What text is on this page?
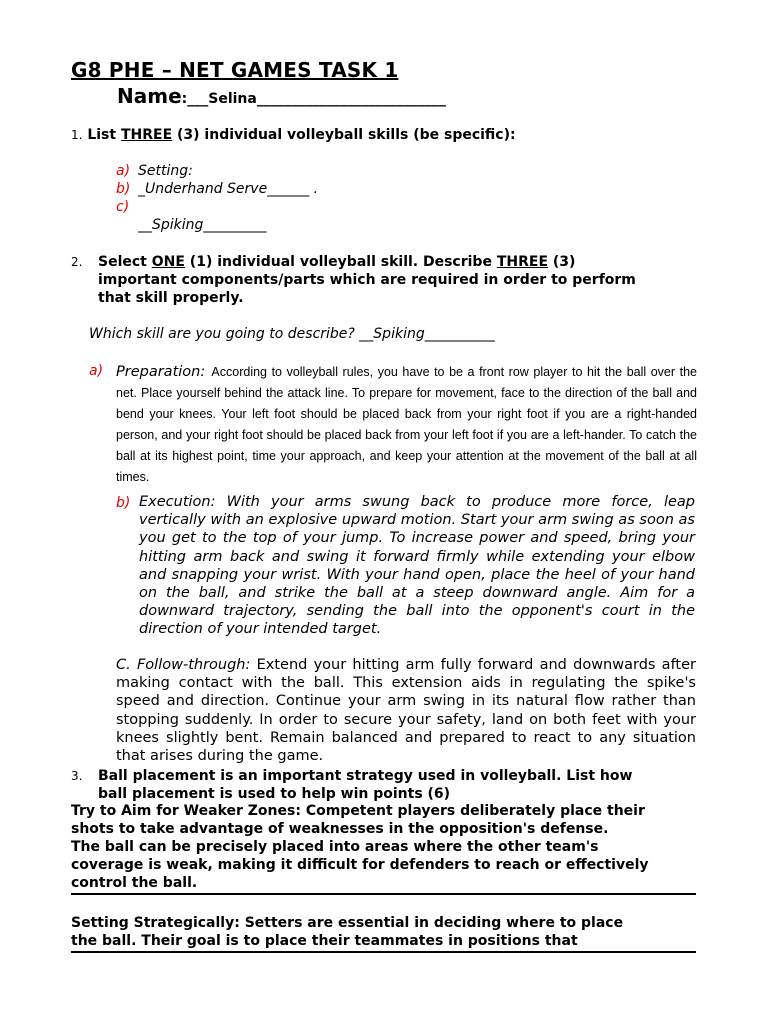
G8 PHE – NET GAMES TASK 1
Name:___Selina___________________________
1. List THREE (3) individual volleyball skills (be specific):
a) Setting:
b) _Underhand Serve______ .
c)
__Spiking_________
2. Select ONE (1) individual volleyball skill. Describe THREE (3)
important components/parts which are required in order to perform
that skill properly.
Which skill are you going to describe? __Spiking__________
a) Preparation: According to volleyball rules, you have to be a front row player to hit the ball over the net. Place yourself behind the attack line. To prepare for movement, face to the direction of the ball and bend your knees. Your left foot should be placed back from your right foot if you are a right-handed person, and your right foot should be placed back from your left foot if you are a left-hander. To catch the ball at its highest point, time your approach, and keep your attention at the movement of the ball at all times.
b) Execution: With your arms swung back to produce more force, leap vertically with an explosive upward motion. Start your arm swing as soon as you get to the top of your jump. To increase power and speed, bring your hitting arm back and swing it forward firmly while extending your elbow and snapping your wrist. With your hand open, place the heel of your hand on the ball, and strike the ball at a steep downward angle. Aim for a downward trajectory, sending the ball into the opponent's court in the direction of your intended target.
C. Follow-through: Extend your hitting arm fully forward and downwards after making contact with the ball. This extension aids in regulating the spike's speed and direction. Continue your arm swing in its natural flow rather than stopping suddenly. In order to secure your safety, land on both feet with your knees slightly bent. Remain balanced and prepared to react to any situation that arises during the game.
3. Ball placement is an important strategy used in volleyball. List how
ball placement is used to help win points (6)
Try to Aim for Weaker Zones: Competent players deliberately place their
shots to take advantage of weaknesses in the opposition's defense.
The ball can be precisely placed into areas where the other team's
coverage is weak, making it difficult for defenders to reach or effectively
control the ball.
Setting Strategically: Setters are essential in deciding where to place
the ball. Their goal is to place their teammates in positions that
